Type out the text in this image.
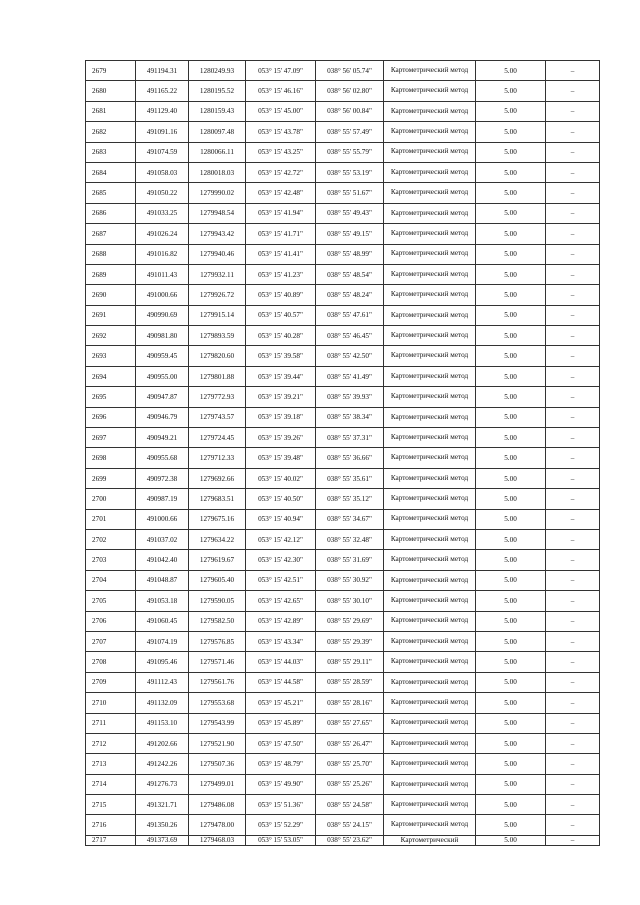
2679	491194.31	1280249.93	053° 15' 47.09"	038° 56' 05.74"	Картометрический метод	5.00	–
2680	491165.22	1280195.52	053° 15' 46.16"	038° 56' 02.80"	Картометрический метод	5.00	–
2681	491129.40	1280159.43	053° 15' 45.00"	038° 56' 00.84"	Картометрический метод	5.00	–
2682	491091.16	1280097.48	053° 15' 43.78"	038° 55' 57.49"	Картометрический метод	5.00	–
2683	491074.59	1280066.11	053° 15' 43.25"	038° 55' 55.79"	Картометрический метод	5.00	–
2684	491058.03	1280018.03	053° 15' 42.72"	038° 55' 53.19"	Картометрический метод	5.00	–
2685	491050.22	1279990.02	053° 15' 42.48"	038° 55' 51.67"	Картометрический метод	5.00	–
2686	491033.25	1279948.54	053° 15' 41.94"	038° 55' 49.43"	Картометрический метод	5.00	–
2687	491026.24	1279943.42	053° 15' 41.71"	038° 55' 49.15"	Картометрический метод	5.00	–
2688	491016.82	1279940.46	053° 15' 41.41"	038° 55' 48.99"	Картометрический метод	5.00	–
2689	491011.43	1279932.11	053° 15' 41.23"	038° 55' 48.54"	Картометрический метод	5.00	–
2690	491000.66	1279926.72	053° 15' 40.89"	038° 55' 48.24"	Картометрический метод	5.00	–
2691	490990.69	1279915.14	053° 15' 40.57"	038° 55' 47.61"	Картометрический метод	5.00	–
2692	490981.80	1279893.59	053° 15' 40.28"	038° 55' 46.45"	Картометрический метод	5.00	–
2693	490959.45	1279820.60	053° 15' 39.58"	038° 55' 42.50"	Картометрический метод	5.00	–
2694	490955.00	1279801.88	053° 15' 39.44"	038° 55' 41.49"	Картометрический метод	5.00	–
2695	490947.87	1279772.93	053° 15' 39.21"	038° 55' 39.93"	Картометрический метод	5.00	–
2696	490946.79	1279743.57	053° 15' 39.18"	038° 55' 38.34"	Картометрический метод	5.00	–
2697	490949.21	1279724.45	053° 15' 39.26"	038° 55' 37.31"	Картометрический метод	5.00	–
2698	490955.68	1279712.33	053° 15' 39.48"	038° 55' 36.66"	Картометрический метод	5.00	–
2699	490972.38	1279692.66	053° 15' 40.02"	038° 55' 35.61"	Картометрический метод	5.00	–
2700	490987.19	1279683.51	053° 15' 40.50"	038° 55' 35.12"	Картометрический метод	5.00	–
2701	491000.66	1279675.16	053° 15' 40.94"	038° 55' 34.67"	Картометрический метод	5.00	–
2702	491037.02	1279634.22	053° 15' 42.12"	038° 55' 32.48"	Картометрический метод	5.00	–
2703	491042.40	1279619.67	053° 15' 42.30"	038° 55' 31.69"	Картометрический метод	5.00	–
2704	491048.87	1279605.40	053° 15' 42.51"	038° 55' 30.92"	Картометрический метод	5.00	–
2705	491053.18	1279590.05	053° 15' 42.65"	038° 55' 30.10"	Картометрический метод	5.00	–
2706	491060.45	1279582.50	053° 15' 42.89"	038° 55' 29.69"	Картометрический метод	5.00	–
2707	491074.19	1279576.85	053° 15' 43.34"	038° 55' 29.39"	Картометрический метод	5.00	–
2708	491095.46	1279571.46	053° 15' 44.03"	038° 55' 29.11"	Картометрический метод	5.00	–
2709	491112.43	1279561.76	053° 15' 44.58"	038° 55' 28.59"	Картометрический метод	5.00	–
2710	491132.09	1279553.68	053° 15' 45.21"	038° 55' 28.16"	Картометрический метод	5.00	–
2711	491153.10	1279543.99	053° 15' 45.89"	038° 55' 27.65"	Картометрический метод	5.00	–
2712	491202.66	1279521.90	053° 15' 47.50"	038° 55' 26.47"	Картометрический метод	5.00	–
2713	491242.26	1279507.36	053° 15' 48.79"	038° 55' 25.70"	Картометрический метод	5.00	–
2714	491276.73	1279499.01	053° 15' 49.90"	038° 55' 25.26"	Картометрический метод	5.00	–
2715	491321.71	1279486.08	053° 15' 51.36"	038° 55' 24.58"	Картометрический метод	5.00	–
2716	491350.26	1279478.00	053° 15' 52.29"	038° 55' 24.15"	Картометрический метод	5.00	–
2717	491373.69	1279468.03	053° 15' 53.05"	038° 55' 23.62"	Картометрический	5.00	–
